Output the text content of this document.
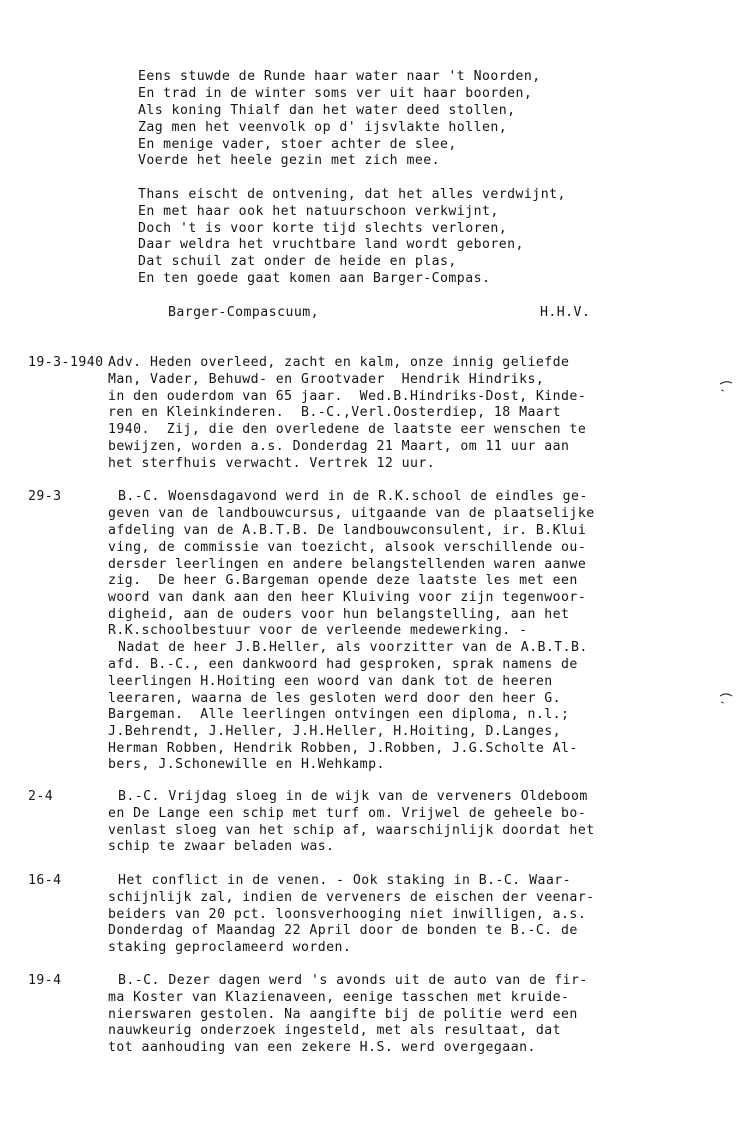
Eens stuwde de Runde haar water naar 't Noorden,
En trad in de winter soms ver uit haar boorden,
Als koning Thialf dan het water deed stollen,
Zag men het veenvolk op d' ijsvlakte hollen,
En menige vader, stoer achter de slee,
Voerde het heele gezin met zich mee.
Thans eischt de ontvening, dat het alles verdwijnt,
En met haar ook het natuurschoon verkwijnt,
Doch 't is voor korte tijd slechts verloren,
Daar weldra het vruchtbare land wordt geboren,
Dat schuil zat onder de heide en plas,
En ten goede gaat komen aan Barger-Compas.
Barger-Compascuum,	H.H.V.
19-3-1940 Adv. Heden overleed, zacht en kalm, onze innig geliefde
Man, Vader, Behuwd- en Grootvader  Hendrik Hindriks,
in den ouderdom van 65 jaar.  Wed.B.Hindriks-Dost, Kinde-
ren en Kleinkinderen.  B.-C.,Verl.Oosterdiep, 18 Maart
1940.  Zij, die den overledene de laatste eer wenschen te
bewijzen, worden a.s. Donderdag 21 Maart, om 11 uur aan
het sterfhuis verwacht. Vertrek 12 uur.
29-3	B.-C. Woensdagavond werd in de R.K.school de eindles ge-
geven van de landbouwcursus, uitgaande van de plaatselijke
afdeling van de A.B.T.B. De landbouwconsulent, ir. B.Klui
ving, de commissie van toezicht, alsook verschillende ou-
dersder leerlingen en andere belangstellenden waren aanwe
zig.  De heer G.Bargeman opende deze laatste les met een
woord van dank aan den heer Kluiving voor zijn tegenwoor-
digheid, aan de ouders voor hun belangstelling, aan het
R.K.schoolbestuur voor de verleende medewerking. -
Nadat de heer J.B.Heller, als voorzitter van de A.B.T.B.
afd. B.-C., een dankwoord had gesproken, sprak namens de
leerlingen H.Hoiting een woord van dank tot de heeren
leeraren, waarna de les gesloten werd door den heer G.
Bargeman.  Alle leerlingen ontvingen een diploma, n.l.;
J.Behrendt, J.Heller, J.H.Heller, H.Hoiting, D.Langes,
Herman Robben, Hendrik Robben, J.Robben, J.G.Scholte Al-
bers, J.Schonewille en H.Wehkamp.
2-4	B.-C. Vrijdag sloeg in de wijk van de verveners Oldeboom
en De Lange een schip met turf om. Vrijwel de geheele bo-
venlast sloeg van het schip af, waarschijnlijk doordat het
schip te zwaar beladen was.
16-4	Het conflict in de venen. - Ook staking in B.-C. Waar-
schijnlijk zal, indien de verveners de eischen der veenar-
beiders van 20 pct. loonsverhooging niet inwilligen, a.s.
Donderdag of Maandag 22 April door de bonden te B.-C. de
staking geproclameerd worden.
19-4	B.-C. Dezer dagen werd 's avonds uit de auto van de fir-
ma Koster van Klazienaveen, eenige tasschen met kruide-
nierswaren gestolen. Na aangifte bij de politie werd een
nauwkeurig onderzoek ingesteld, met als resultaat, dat
tot aanhouding van een zekere H.S. werd overgegaan.
